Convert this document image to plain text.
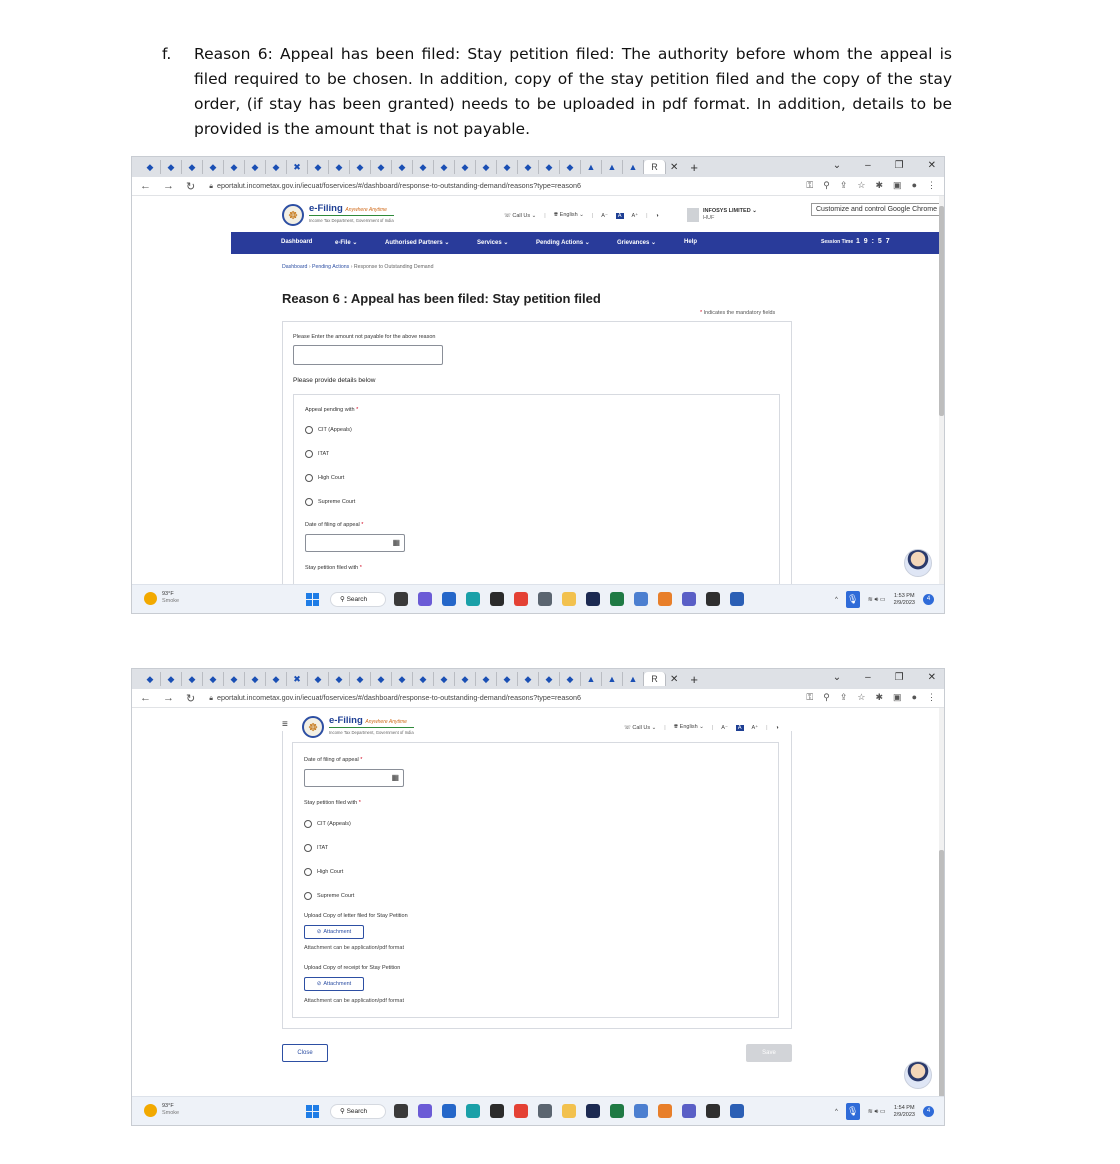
f. Reason 6: Appeal has been filed: Stay petition filed: The authority before whom the appeal is filed required to be chosen. In addition, copy of the stay petition filed and the copy of the stay order, (if stay has been granted) needs to be uploaded in pdf format. In addition, details to be provided is the amount that is not payable.

◆	◆	◆	◆	◆	◆	◆	✖	◆	◆	◆	◆	◆	◆	◆	◆	◆	◆	◆	◆	◆	▲	▲	▲	R	✕ +	⌄ – ❐ ✕
← → ↻ 🔒︎ eportalut.incometax.gov.in/iecuat/foservices/#/dashboard/response-to-outstanding-demand/reasons?type=reason6	⚿ ⚲ ⇪ ☆ ✱ ▣ ● ⋮
Customize and control Google Chrome
☸
e-Filing Anywhere Anytime
Income Tax Department, Government of India
☏ Call Us ⌄ | 🌐︎ English ⌄ | A⁻	A	A⁺ | ◑
INFOSYS LIMITED ⌄
HUF
Dashboard	e-File ⌄	Authorised Partners ⌄	Services ⌄	Pending Actions ⌄	Grievances ⌄	Help	Session Time 1 9 : 5 7
Dashboard › Pending Actions › Response to Outstanding Demand
Reason 6 : Appeal has been filed: Stay petition filed
* Indicates the mandatory fields
Please Enter the amount not payable for the above reason
Please provide details below
Appeal pending with *
CIT (Appeals)
ITAT
High Court
Supreme Court
Date of filing of appeal *
▦
Stay petition filed with *
93°F
Smoke	⚲ Search	^ 🎙︎ ≋ 🔊︎ ▭
1:53 PM
2/9/2023
4
◆	◆	◆	◆	◆	◆	◆	✖	◆	◆	◆	◆	◆	◆	◆	◆	◆	◆	◆	◆	◆	▲	▲	▲	R	✕ +	⌄ – ❐ ✕
← → ↻ 🔒︎ eportalut.incometax.gov.in/iecuat/foservices/#/dashboard/response-to-outstanding-demand/reasons?type=reason6	⚿ ⚲ ⇪ ☆ ✱ ▣ ● ⋮
≡	☸
e-Filing Anywhere Anytime
Income Tax Department, Government of India
☏ Call Us ⌄ | 🌐︎ English ⌄ | A⁻	A	A⁺ | ◑
Date of filing of appeal *
▦
Stay petition filed with *
CIT (Appeals)
ITAT
High Court
Supreme Court
Upload Copy of letter filed for Stay Petition
⊘ Attachment
Attachment can be application/pdf format
Upload Copy of receipt for Stay Petition
⊘ Attachment
Attachment can be application/pdf format
Close	Save
93°F
Smoke	⚲ Search	^ 🎙︎ ≋ 🔊︎ ▭
1:54 PM
2/9/2023
4
